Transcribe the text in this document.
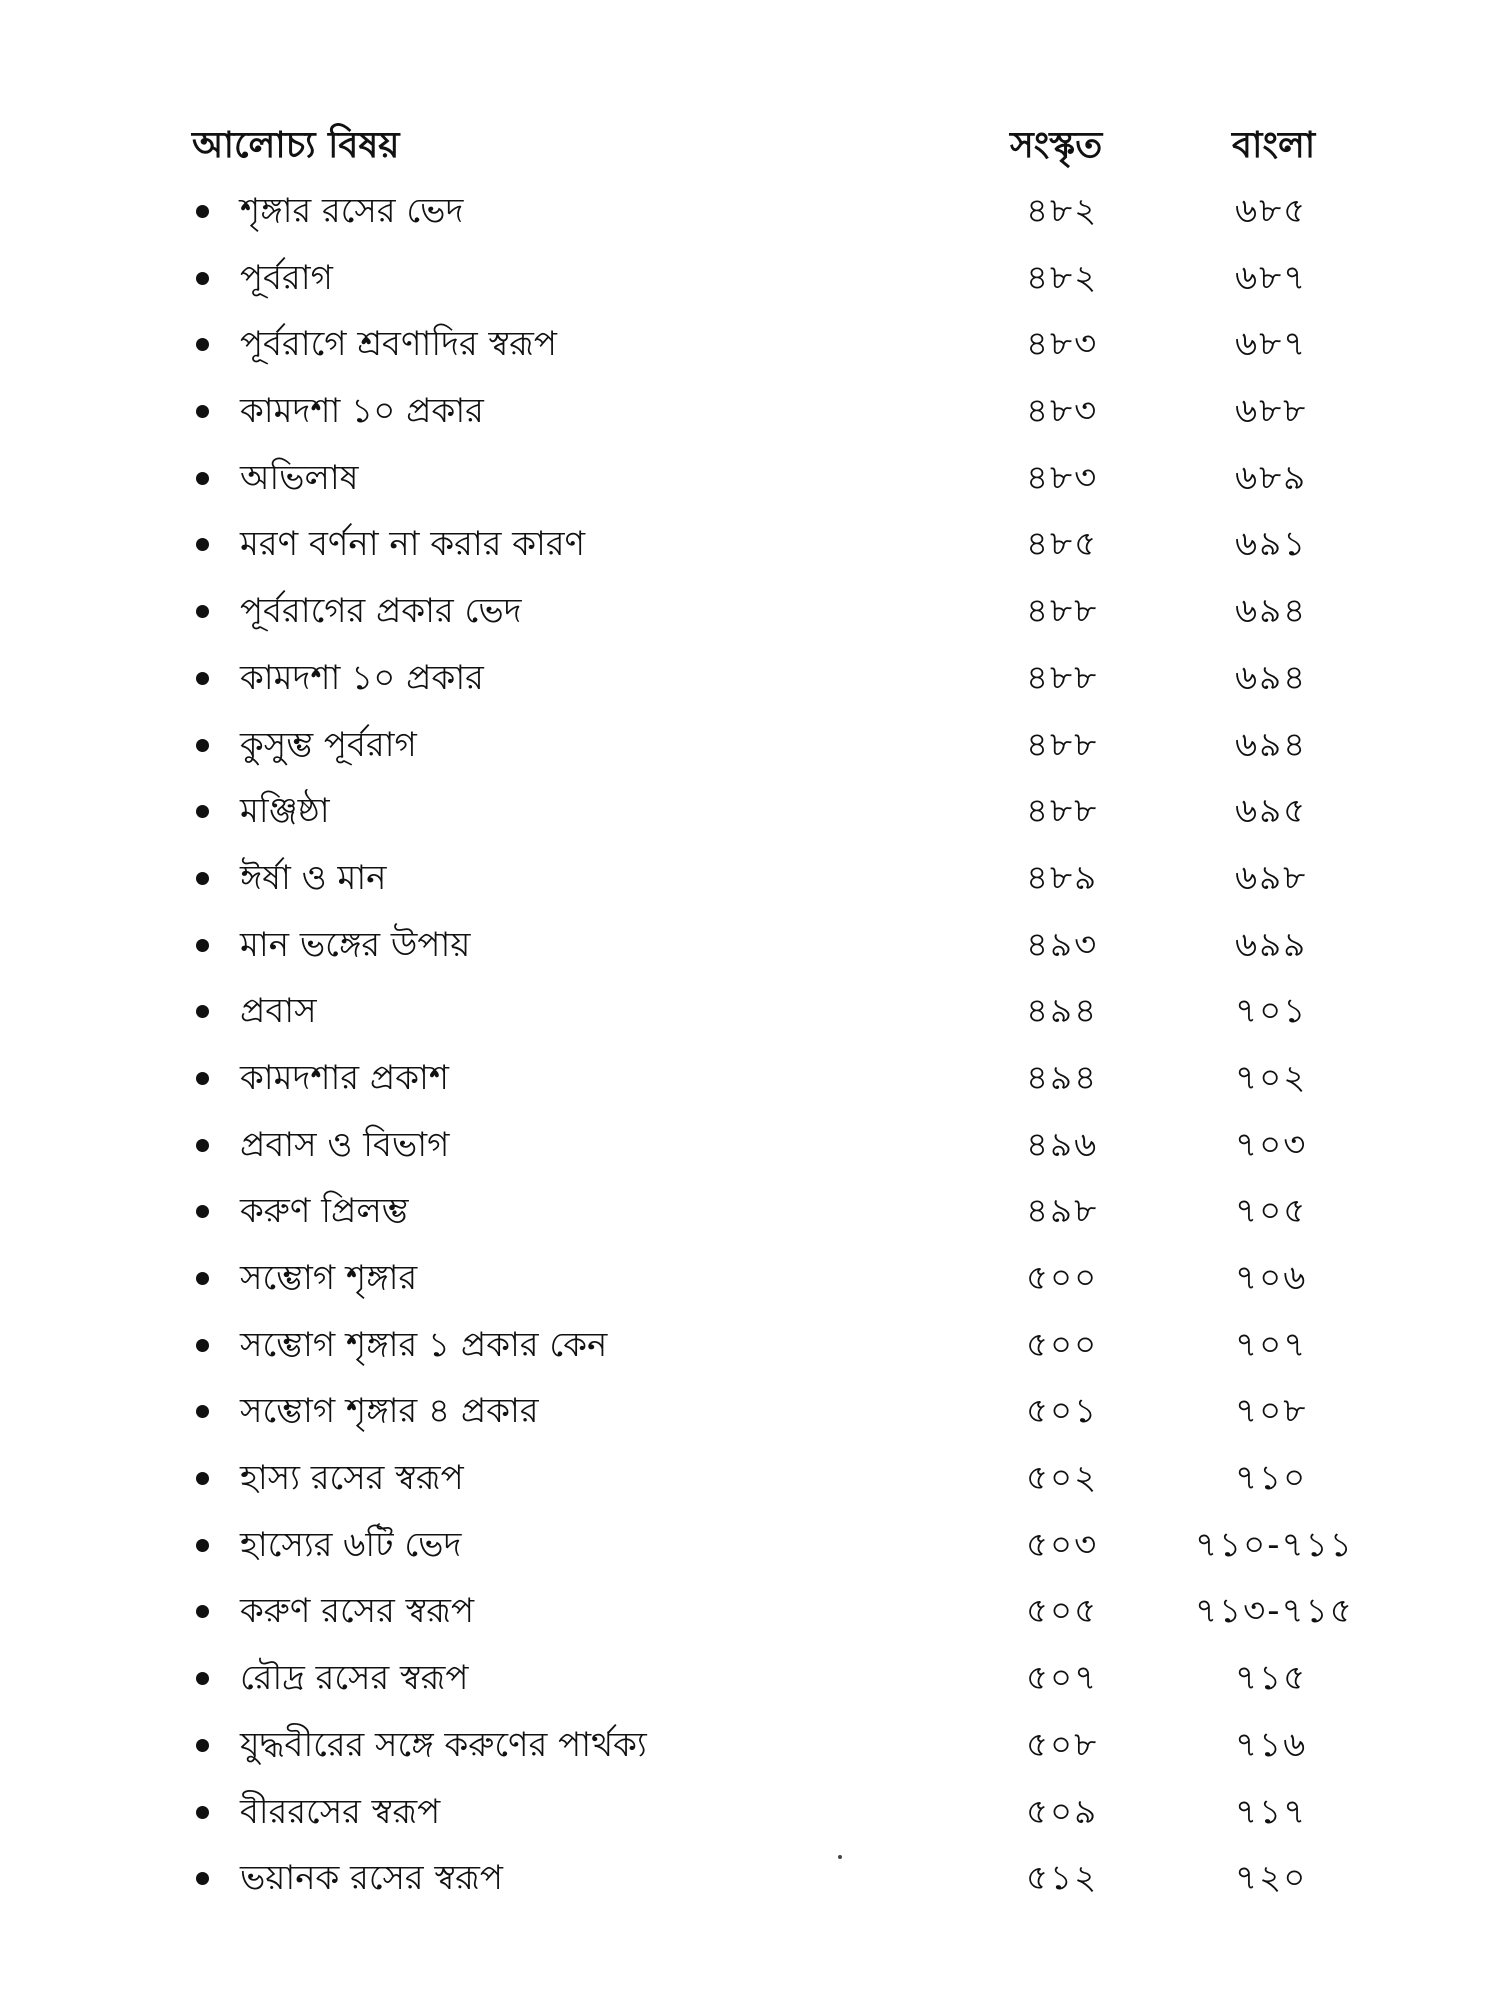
আলোচ্য বিষয়	সংস্কৃত	বাংলা
শৃঙ্গার রসের ভেদ	৪৮২	৬৮৫
পূর্বরাগ	৪৮২	৬৮৭
পূর্বরাগে শ্রবণাদির স্বরূপ	৪৮৩	৬৮৭
কামদশা ১০ প্রকার	৪৮৩	৬৮৮
অভিলাষ	৪৮৩	৬৮৯
মরণ বর্ণনা না করার কারণ	৪৮৫	৬৯১
পূর্বরাগের প্রকার ভেদ	৪৮৮	৬৯৪
কামদশা ১০ প্রকার	৪৮৮	৬৯৪
কুসুম্ভ পূর্বরাগ	৪৮৮	৬৯৪
মঞ্জিষ্ঠা	৪৮৮	৬৯৫
ঈর্ষা ও মান	৪৮৯	৬৯৮
মান ভঙ্গের উপায়	৪৯৩	৬৯৯
প্রবাস	৪৯৪	৭০১
কামদশার প্রকাশ	৪৯৪	৭০২
প্রবাস ও বিভাগ	৪৯৬	৭০৩
করুণ প্রিলম্ভ	৪৯৮	৭০৫
সম্ভোগ শৃঙ্গার	৫০০	৭০৬
সম্ভোগ শৃঙ্গার ১ প্রকার কেন	৫০০	৭০৭
সম্ভোগ শৃঙ্গার ৪ প্রকার	৫০১	৭০৮
হাস্য রসের স্বরূপ	৫০২	৭১০
হাস্যের ৬টি ভেদ	৫০৩	৭১০-৭১১
করুণ রসের স্বরূপ	৫০৫	৭১৩-৭১৫
রৌদ্র রসের স্বরূপ	৫০৭	৭১৫
যুদ্ধবীরের সঙ্গে করুণের পার্থক্য	৫০৮	৭১৬
বীররসের স্বরূপ	৫০৯	৭১৭
ভয়ানক রসের স্বরূপ	৫১২	৭২০
